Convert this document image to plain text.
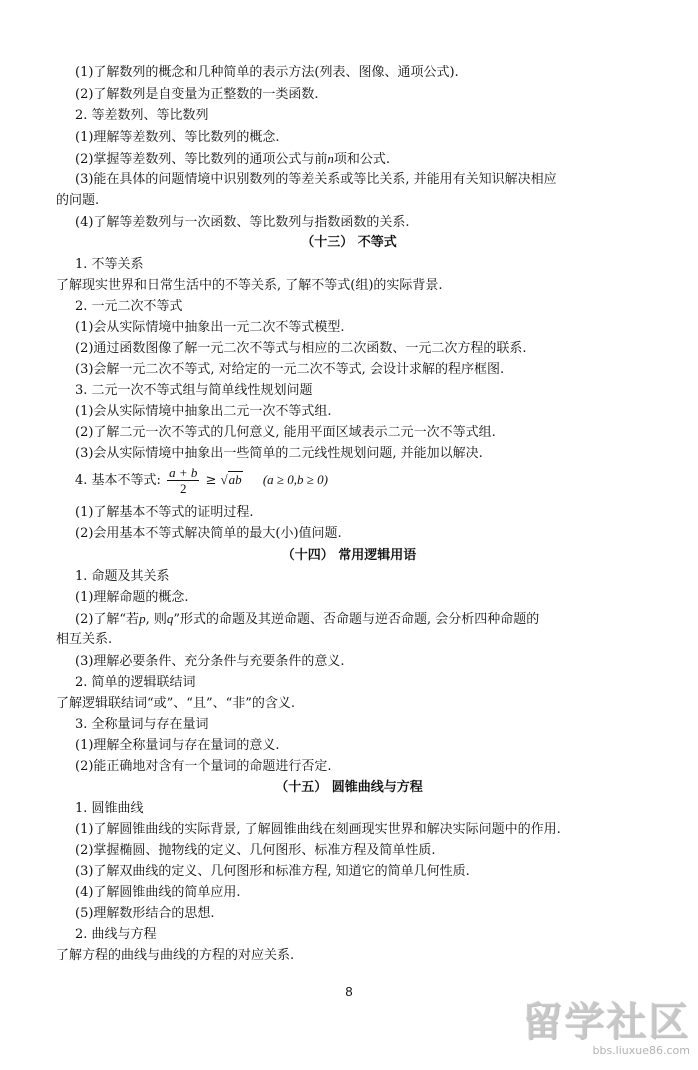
(1)了解数列的概念和几种简单的表示方法(列表、图像、通项公式).
(2)了解数列是自变量为正整数的一类函数.
2. 等差数列、等比数列
(1)理解等差数列、等比数列的概念.
(2)掌握等差数列、等比数列的通项公式与前n项和公式.
(3)能在具体的问题情境中识别数列的等差关系或等比关系, 并能用有关知识解决相应
的问题.
(4)了解等差数列与一次函数、等比数列与指数函数的关系.
（十三） 不等式
1. 不等关系
了解现实世界和日常生活中的不等关系, 了解不等式(组)的实际背景.
2. 一元二次不等式
(1)会从实际情境中抽象出一元二次不等式模型.
(2)通过函数图像了解一元二次不等式与相应的二次函数、一元二次方程的联系.
(3)会解一元二次不等式, 对给定的一元二次不等式, 会设计求解的程序框图.
3. 二元一次不等式组与简单线性规划问题
(1)会从实际情境中抽象出二元一次不等式组.
(2)了解二元一次不等式的几何意义, 能用平面区域表示二元一次不等式组.
(3)会从实际情境中抽象出一些简单的二元线性规划问题, 并能加以解决.
4. 基本不等式: $\frac{a + b}{2} \ge √ab$ (a ≥ 0,b ≥ 0)
(1)了解基本不等式的证明过程.
(2)会用基本不等式解决简单的最大(小)值问题.
（十四） 常用逻辑用语
1. 命题及其关系
(1)理解命题的概念.
(2)了解“若p, 则q”形式的命题及其逆命题、否命题与逆否命题, 会分析四种命题的
相互关系.
(3)理解必要条件、充分条件与充要条件的意义.
2. 简单的逻辑联结词
了解逻辑联结词“或”、“且”、“非”的含义.
3. 全称量词与存在量词
(1)理解全称量词与存在量词的意义.
(2)能正确地对含有一个量词的命题进行否定.
（十五） 圆锥曲线与方程
1. 圆锥曲线
(1)了解圆锥曲线的实际背景, 了解圆锥曲线在刻画现实世界和解决实际问题中的作用.
(2)掌握椭圆、抛物线的定义、几何图形、标准方程及简单性质.
(3)了解双曲线的定义、几何图形和标准方程, 知道它的简单几何性质.
(4)了解圆锥曲线的简单应用.
(5)理解数形结合的思想.
2. 曲线与方程
了解方程的曲线与曲线的方程的对应关系.
8
留学社区
bbs.liuxue86.com
